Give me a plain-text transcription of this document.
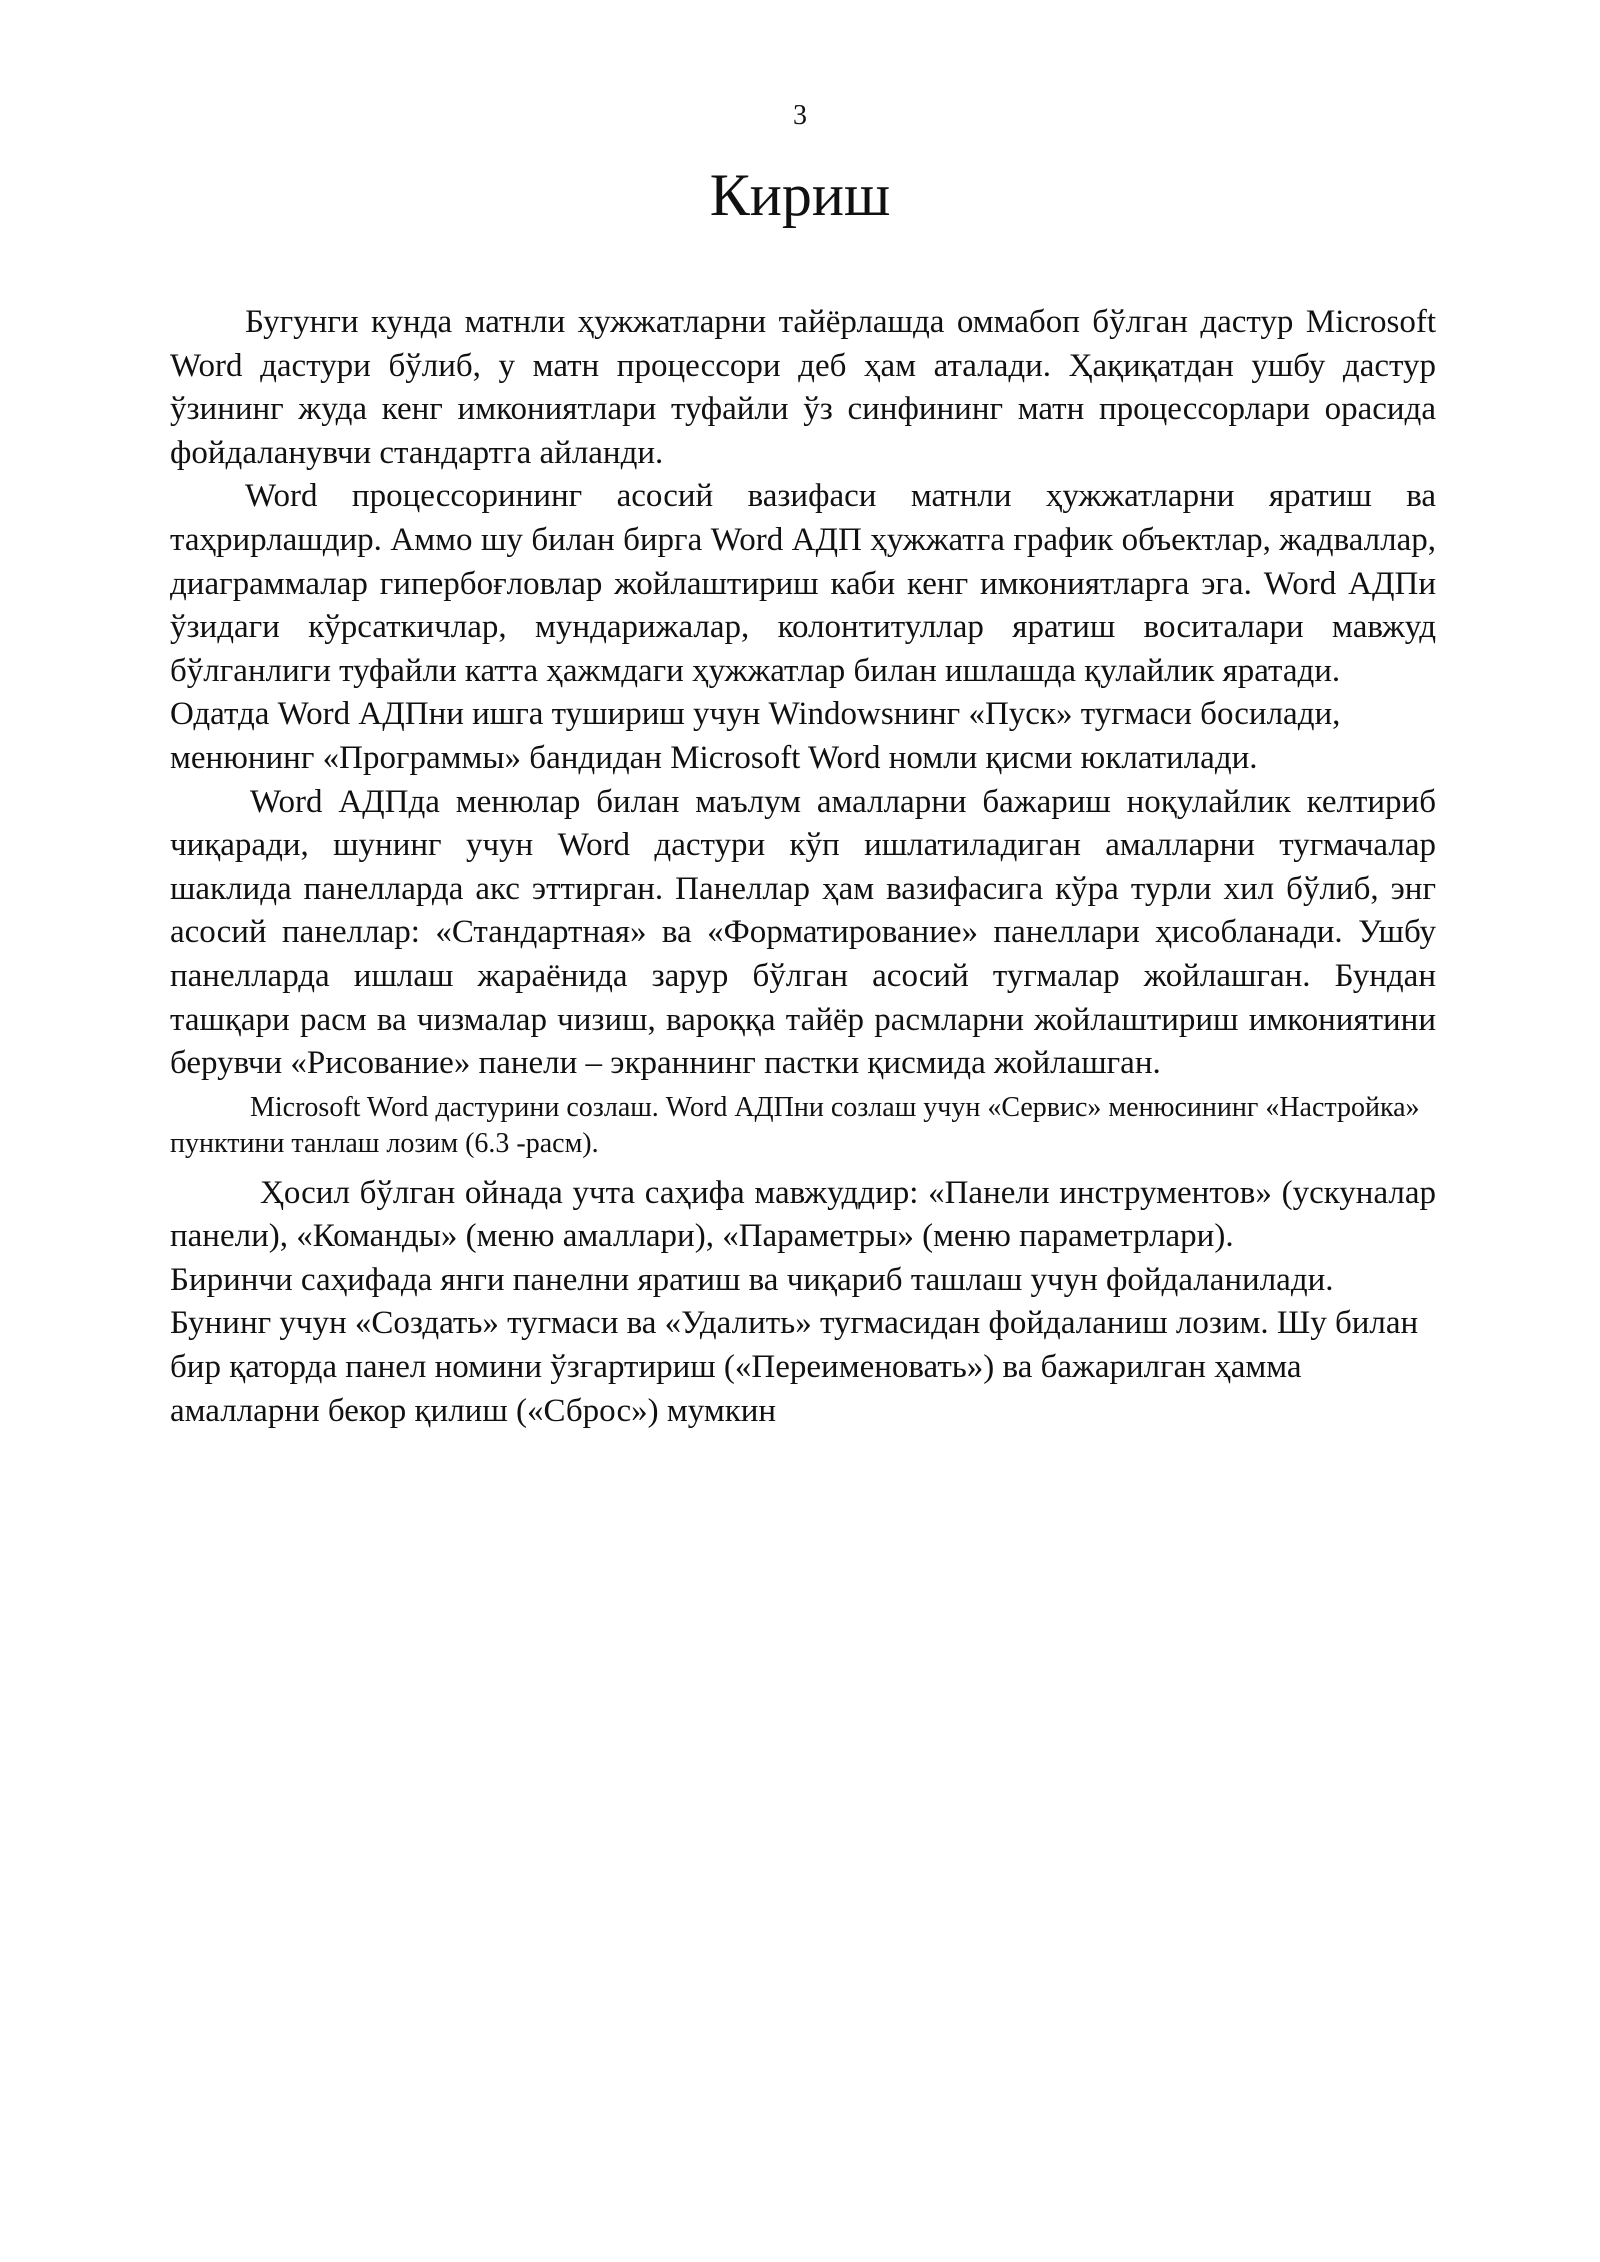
3
Кириш

Бугунги кунда матнли ҳужжатларни тайёрлашда оммабоп бўлган дастур Microsoft Word дастури бўлиб, у матн процессори деб ҳам аталади. Ҳақиқатдан ушбу дастур ўзининг жуда кенг имкониятлари туфайли ўз синфининг матн процессорлари орасида фойдаланувчи стандартга айланди.

Word процессорининг асосий вазифаси матнли ҳужжатларни яратиш ва таҳрирлашдир. Аммо шу билан бирга Word АДП ҳужжатга график объектлар, жадваллар, диаграммалар гипербоғловлар жойлаштириш каби кенг имкониятларга эга. Word АДПи ўзидаги кўрсаткичлар, мундарижалар, колонтитуллар яратиш воситалари мавжуд бўлганлиги туфайли катта ҳажмдаги ҳужжатлар билан ишлашда қулайлик яратади.

Одатда Word АДПни ишга тушириш учун Windowsнинг «Пуск» тугмаси босилади, менюнинг «Программы» бандидан Microsoft Word номли қисми юклатилади.

Word АДПда менюлар билан маълум амалларни бажариш ноқулайлик келтириб чиқаради, шунинг учун Word дастури кўп ишлатиладиган амалларни тугмачалар шаклида панелларда акс эттирган. Панеллар ҳам вазифасига кўра турли хил бўлиб, энг асосий панеллар: «Стандартная» ва «Форматирование» панеллари ҳисобланади. Ушбу панелларда ишлаш жараёнида зарур бўлган асосий тугмалар жойлашган. Бундан ташқари расм ва чизмалар чизиш, вароққа тайёр расмларни жойлаштириш имкониятини берувчи «Рисование» панели – экраннинг пастки қисмида жойлашган.

Microsoft Word дастурини созлаш. Word АДПни созлаш учун «Сервис» менюсининг «Настройка» пунктини танлаш лозим (6.3 -расм).

Ҳосил бўлган ойнада учта саҳифа мавжуддир: «Панели инструментов» (ускуналар панели), «Команды» (меню амаллари), «Параметры» (меню параметрлари).

Биринчи саҳифада янги панелни яратиш ва чиқариб ташлаш учун фойдаланилади. Бунинг учун «Создать» тугмаси ва «Удалить» тугмасидан фойдаланиш лозим. Шу билан бир қаторда панел номини ўзгартириш («Переименовать») ва бажарилган ҳамма амалларни бекор қилиш («Сброс») мумкин
